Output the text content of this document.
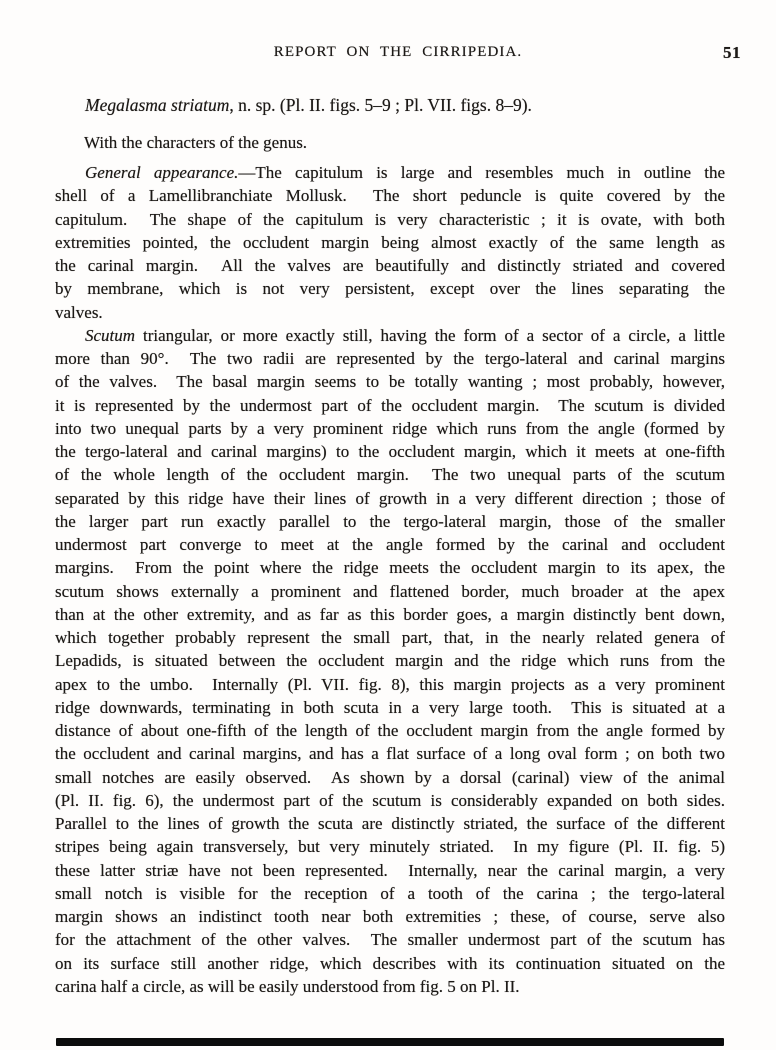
REPORT ON THE CIRRIPEDIA.	51
Megalasma striatum, n. sp. (Pl. II. figs. 5–9 ; Pl. VII. figs. 8–9).
With the characters of the genus.
General appearance.—The capitulum is large and resembles much in outline the
shell of a Lamellibranchiate Mollusk.  The short peduncle is quite covered by the
capitulum.  The shape of the capitulum is very characteristic ; it is ovate, with both
extremities pointed, the occludent margin being almost exactly of the same length as
the carinal margin.  All the valves are beautifully and distinctly striated and covered
by membrane, which is not very persistent, except over the lines separating the
valves.
Scutum triangular, or more exactly still, having the form of a sector of a circle, a little
more than 90°.  The two radii are represented by the tergo-lateral and carinal margins
of the valves.  The basal margin seems to be totally wanting ; most probably, however,
it is represented by the undermost part of the occludent margin.  The scutum is divided
into two unequal parts by a very prominent ridge which runs from the angle (formed by
the tergo-lateral and carinal margins) to the occludent margin, which it meets at one-fifth
of the whole length of the occludent margin.  The two unequal parts of the scutum
separated by this ridge have their lines of growth in a very different direction ; those of
the larger part run exactly parallel to the tergo-lateral margin, those of the smaller
undermost part converge to meet at the angle formed by the carinal and occludent
margins.  From the point where the ridge meets the occludent margin to its apex, the
scutum shows externally a prominent and flattened border, much broader at the apex
than at the other extremity, and as far as this border goes, a margin distinctly bent down,
which together probably represent the small part, that, in the nearly related genera of
Lepadids, is situated between the occludent margin and the ridge which runs from the
apex to the umbo.  Internally (Pl. VII. fig. 8), this margin projects as a very prominent
ridge downwards, terminating in both scuta in a very large tooth.  This is situated at a
distance of about one-fifth of the length of the occludent margin from the angle formed by
the occludent and carinal margins, and has a flat surface of a long oval form ; on both two
small notches are easily observed.  As shown by a dorsal (carinal) view of the animal
(Pl. II. fig. 6), the undermost part of the scutum is considerably expanded on both sides.
Parallel to the lines of growth the scuta are distinctly striated, the surface of the different
stripes being again transversely, but very minutely striated.  In my figure (Pl. II. fig. 5)
these latter striæ have not been represented.  Internally, near the carinal margin, a very
small notch is visible for the reception of a tooth of the carina ; the tergo-lateral
margin shows an indistinct tooth near both extremities ; these, of course, serve also
for the attachment of the other valves.  The smaller undermost part of the scutum has
on its surface still another ridge, which describes with its continuation situated on the
carina half a circle, as will be easily understood from fig. 5 on Pl. II.
